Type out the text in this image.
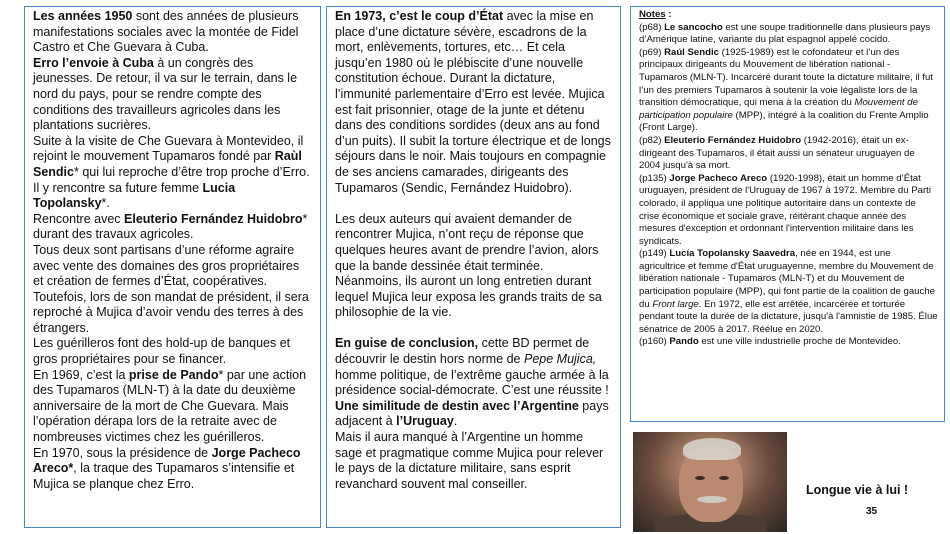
Les années 1950 sont des années de plusieurs manifestations sociales avec la montée de Fidel Castro et Che Guevara à Cuba.

Erro l’envoie à Cuba à un congrès des jeunesses. De retour, il va sur le terrain, dans le nord du pays, pour se rendre compte des conditions des travailleurs agricoles dans les plantations sucrières.

Suite à la visite de Che Guevara à Montevideo, il rejoint le mouvement Tupamaros fondé par Raùl Sendic* qui lui reproche d’être trop proche d’Erro. Il y rencontre sa future femme Lucia Topolansky*.

Rencontre avec Eleuterio Fernández Huidobro* durant des travaux agricoles.

Tous deux sont partisans d’une réforme agraire avec vente des domaines des gros propriétaires et création de fermes d’État, coopératives.

Toutefois, lors de son mandat de président, il sera reproché à Mujica d’avoir vendu des terres à des étrangers.

Les guérilleros font des hold-up de banques et gros propriétaires pour se financer.

En 1969, c’est la prise de Pando* par une action des Tupamaros (MLN-T) à la date du deuxième anniversaire de la mort de Che Guevara. Mais l’opération dérapa lors de la retraite avec de nombreuses victimes chez les guérilleros.

En 1970, sous la présidence de Jorge Pacheco Areco*, la traque des Tupamaros s’intensifie et Mujica se planque chez Erro.

En 1973, c’est le coup d’État avec la mise en place d’une dictature sévère, escadrons de la mort, enlèvements, tortures, etc… Et cela jusqu’en 1980 où le plébiscite d’une nouvelle constitution échoue. Durant la dictature, l’immunité parlementaire d’Erro est levée. Mujica est fait prisonnier, otage de la junte et détenu dans des conditions sordides (deux ans au fond d’un puits). Il subit la torture électrique et de longs séjours dans le noir. Mais toujours en compagnie de ses anciens camarades, dirigeants des Tupamaros (Sendic, Fernández Huidobro).

Les deux auteurs qui avaient demander de rencontrer Mujica, n’ont reçu de réponse que quelques heures avant de prendre l’avion, alors que la bande dessinée était terminée. Néanmoins, ils auront un long entretien durant lequel Mujica leur exposa les grands traits de sa philosophie de la vie.

En guise de conclusion, cette BD permet de découvrir le destin hors norme de Pepe Mujica, homme politique, de l’extrême gauche armée à la présidence social-démocrate. C’est une réussite !

Une similitude de destin avec l’Argentine pays adjacent à l’Uruguay.

Mais il aura manqué à l’Argentine un homme sage et pragmatique comme Mujica pour relever le pays de la dictature militaire, sans esprit revanchard souvent mal conseiller.

Notes :

(p68) Le sancocho est une soupe traditionnelle dans plusieurs pays d’Amérique latine, variante du plat espagnol appelé cocido.

(p69) Raúl Sendic (1925-1989) est le cofondateur et l’un des principaux dirigeants du Mouvement de libération national - Tupamaros (MLN-T). Incarcéré durant toute la dictature militaire, il fut l’un des premiers Tupamaros à soutenir la voie légaliste lors de la transition démocratique, qui mena à la création du Mouvement de participation populaire (MPP), intégré à la coalition du Frente Amplio (Front Large).

(p82) Eleuterio Fernández Huidobro (1942-2016), était un ex-dirigeant des Tupamaros, il était aussi un sénateur uruguayen de 2004 jusqu'à sa mort.

(p135) Jorge Pacheco Areco (1920-1998), était un homme d’État uruguayen, président de l'Uruguay de 1967 à 1972. Membre du Parti colorado, il appliqua une politique autoritaire dans un contexte de crise économique et sociale grave, réitérant chaque année des mesures d'exception et ordonnant l'intervention militaire dans les syndicats.

(p149) Lucía Topolansky Saavedra, née en 1944, est une agricultrice et femme d'État uruguayenne, membre du Mouvement de libération nationale - Tupamaros (MLN-T) et du Mouvement de participation populaire (MPP), qui font partie de la coalition de gauche du Front large. En 1972, elle est arrêtée, incarcérée et torturée pendant toute la durée de la dictature, jusqu'à l'amnistie de 1985. Élue sénatrice de 2005 à 2017. Réélue en 2020.

(p160) Pando est une ville industrielle proche de Montevideo.

Longue vie à lui !
35
